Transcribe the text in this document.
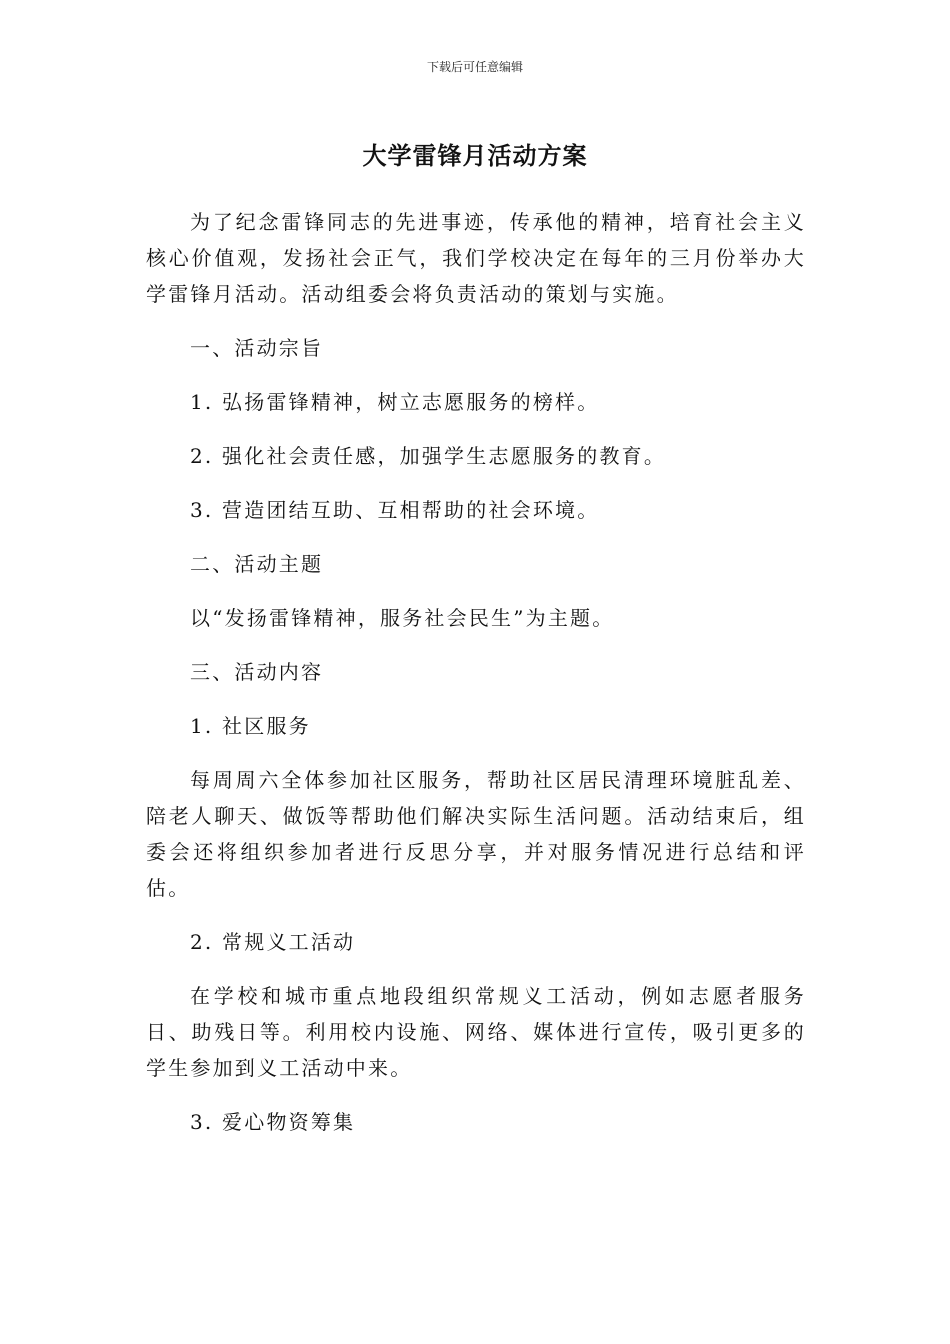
下载后可任意编辑
大学雷锋月活动方案

为了纪念雷锋同志的先进事迹，传承他的精神，培育社会主义核心价值观，发扬社会正气，我们学校决定在每年的三月份举办大学雷锋月活动。活动组委会将负责活动的策划与实施。

一、活动宗旨
1. 弘扬雷锋精神，树立志愿服务的榜样。
2. 强化社会责任感，加强学生志愿服务的教育。
3. 营造团结互助、互相帮助的社会环境。
二、活动主题
以“发扬雷锋精神，服务社会民生”为主题。
三、活动内容
1. 社区服务

每周周六全体参加社区服务，帮助社区居民清理环境脏乱差、陪老人聊天、做饭等帮助他们解决实际生活问题。活动结束后，组委会还将组织参加者进行反思分享，并对服务情况进行总结和评估。

2. 常规义工活动

在学校和城市重点地段组织常规义工活动，例如志愿者服务日、助残日等。利用校内设施、网络、媒体进行宣传，吸引更多的学生参加到义工活动中来。

3. 爱心物资筹集
